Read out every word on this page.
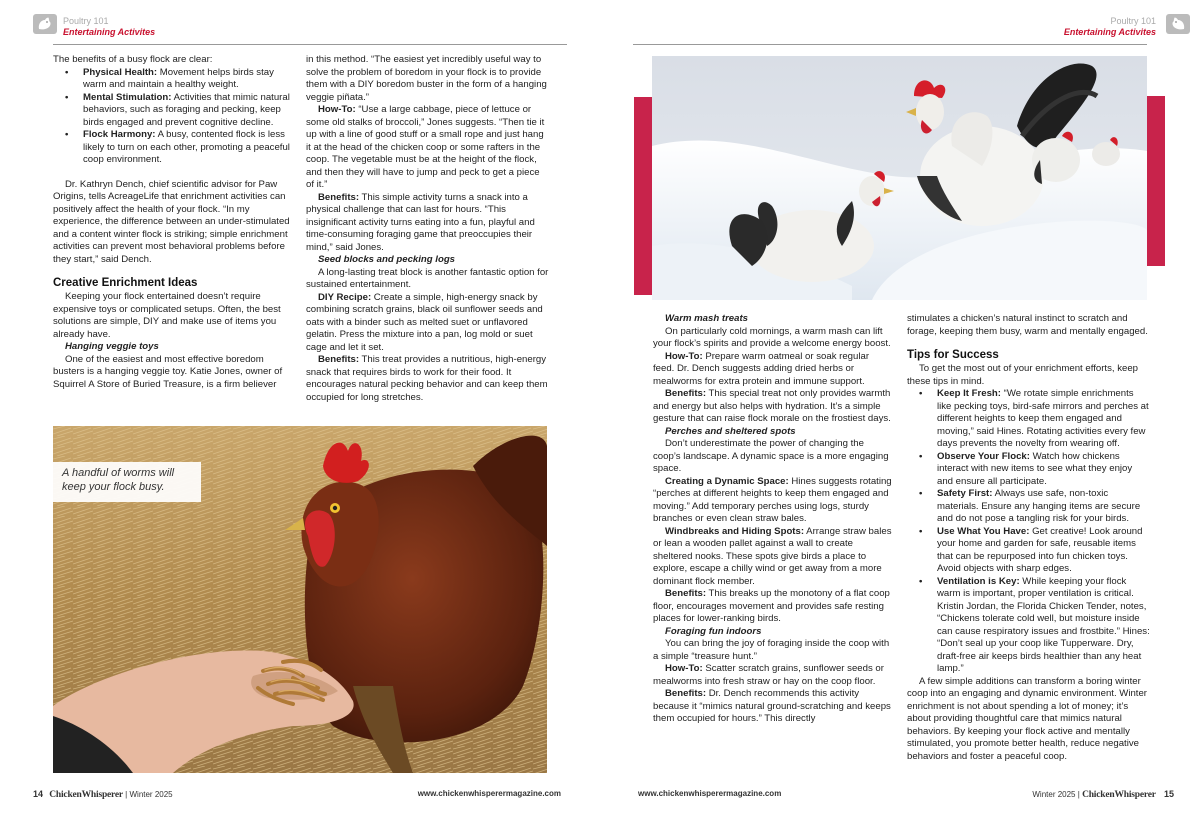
Poultry 101
Entertaining Activites

The benefits of a busy flock are clear:

• Physical Health: Movement helps birds stay warm and maintain a healthy weight.
• Mental Stimulation: Activities that mimic natural behaviors, such as foraging and pecking, keep birds engaged and prevent cognitive decline.
• Flock Harmony: A busy, contented flock is less likely to turn on each other, promoting a peaceful coop environment.

Dr. Kathryn Dench, chief scientific advisor for Paw Origins, tells AcreageLife that enrichment activities can positively affect the health of your flock. “In my experience, the difference between an under-stimulated and a content winter flock is striking; simple enrichment activities can prevent most behavioral problems before they start,” said Dench.

Creative Enrichment Ideas

Keeping your flock entertained doesn’t require expensive toys or complicated setups. Often, the best solutions are simple, DIY and make use of items you already have.

Hanging veggie toys

One of the easiest and most effective boredom busters is a hanging veggie toy. Katie Jones, owner of Squirrel A Store of Buried Treasure, is a firm believer

in this method. “The easiest yet incredibly useful way to solve the problem of boredom in your flock is to provide them with a DIY boredom buster in the form of a hanging veggie piñata.”

How-To: “Use a large cabbage, piece of lettuce or some old stalks of broccoli,” Jones suggests. “Then tie it up with a line of good stuff or a small rope and just hang it at the head of the chicken coop or some rafters in the coop. The vegetable must be at the height of the flock, and then they will have to jump and peck to get a piece of it.”

Benefits: This simple activity turns a snack into a physical challenge that can last for hours. “This insignificant activity turns eating into a fun, playful and time-consuming foraging game that preoccupies their mind,” said Jones.

Seed blocks and pecking logs

A long-lasting treat block is another fantastic option for sustained entertainment.

DIY Recipe: Create a simple, high-energy snack by combining scratch grains, black oil sunflower seeds and oats with a binder such as melted suet or unflavored gelatin. Press the mixture into a pan, log mold or suet cage and let it set.

Benefits: This treat provides a nutritious, high-energy snack that requires birds to work for their food. It encourages natural pecking behavior and can keep them occupied for long stretches.

A handful of worms will keep your flock busy.
14 ChickenWhisperer | Winter 2025	www.chickenwhisperermagazine.com
Poultry 101
Entertaining Activites

Warm mash treats

On particularly cold mornings, a warm mash can lift your flock’s spirits and provide a welcome energy boost.

How-To: Prepare warm oatmeal or soak regular feed. Dr. Dench suggests adding dried herbs or mealworms for extra protein and immune support.

Benefits: This special treat not only provides warmth and energy but also helps with hydration. It’s a simple gesture that can raise flock morale on the frostiest days.

Perches and sheltered spots

Don’t underestimate the power of changing the coop’s landscape. A dynamic space is a more engaging space.

Creating a Dynamic Space: Hines suggests rotating “perches at different heights to keep them engaged and moving.” Add temporary perches using logs, sturdy branches or even clean straw bales.

Windbreaks and Hiding Spots: Arrange straw bales or lean a wooden pallet against a wall to create sheltered nooks. These spots give birds a place to explore, escape a chilly wind or get away from a more dominant flock member.

Benefits: This breaks up the monotony of a flat coop floor, encourages movement and provides safe resting places for lower-ranking birds.

Foraging fun indoors

You can bring the joy of foraging inside the coop with a simple “treasure hunt.”

How-To: Scatter scratch grains, sunflower seeds or mealworms into fresh straw or hay on the coop floor.

Benefits: Dr. Dench recommends this activity because it “mimics natural ground-scratching and keeps them occupied for hours.” This directly

stimulates a chicken’s natural instinct to scratch and forage, keeping them busy, warm and mentally engaged.

Tips for Success

To get the most out of your enrichment efforts, keep these tips in mind.

• Keep It Fresh: “We rotate simple enrichments like pecking toys, bird-safe mirrors and perches at different heights to keep them engaged and moving,” said Hines. Rotating activities every few days prevents the novelty from wearing off.
• Observe Your Flock: Watch how chickens interact with new items to see what they enjoy and ensure all participate.
• Safety First: Always use safe, non-toxic materials. Ensure any hanging items are secure and do not pose a tangling risk for your birds.
• Use What You Have: Get creative! Look around your home and garden for safe, reusable items that can be repurposed into fun chicken toys. Avoid objects with sharp edges.
• Ventilation is Key: While keeping your flock warm is important, proper ventilation is critical. Kristin Jordan, the Florida Chicken Tender, notes, “Chickens tolerate cold well, but moisture inside can cause respiratory issues and frostbite.” Hines: “Don’t seal up your coop like Tupperware. Dry, draft-free air keeps birds healthier than any heat lamp.”

A few simple additions can transform a boring winter coop into an engaging and dynamic environment. Winter enrichment is not about spending a lot of money; it’s about providing thoughtful care that mimics natural behaviors. By keeping your flock active and mentally stimulated, you promote better health, reduce negative behaviors and foster a peaceful coop.

www.chickenwhisperermagazine.com	Winter 2025 | ChickenWhisperer 15
